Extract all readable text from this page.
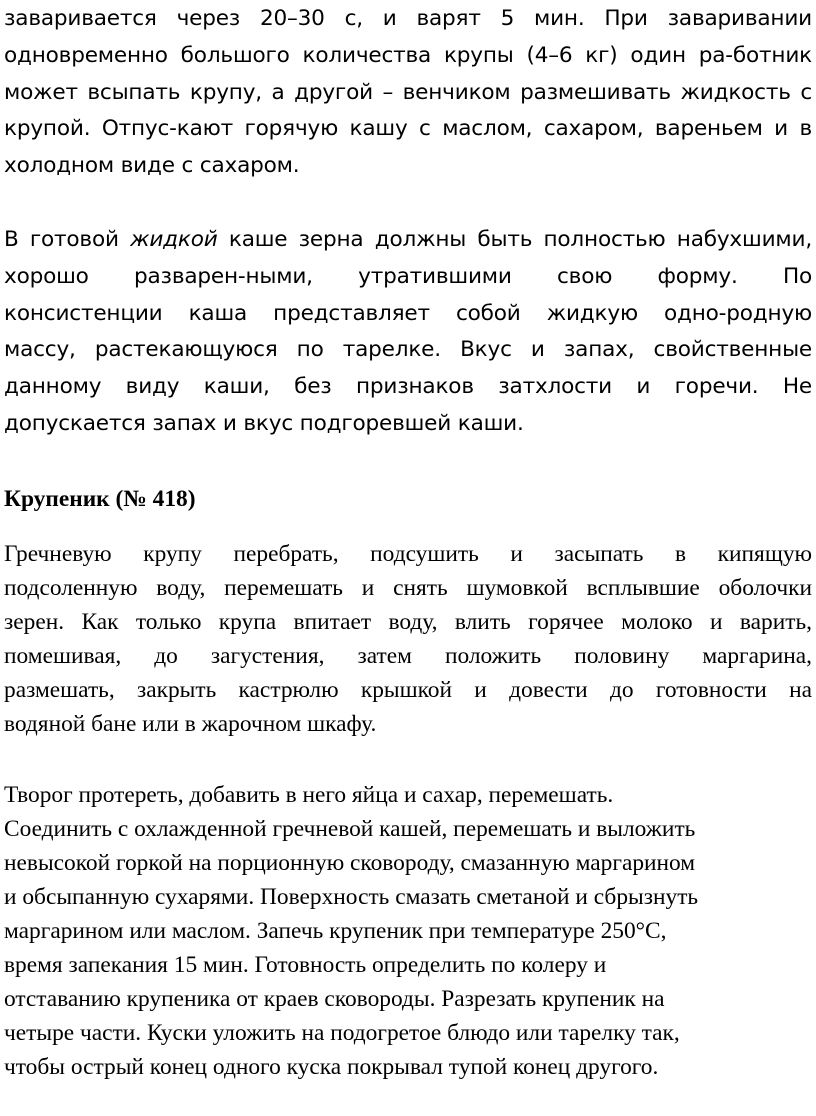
заваривается через 20–30 с, и варят 5 мин. При заваривании
одновременно большого количества крупы (4–6 кг) один ра-ботник
может всыпать крупу, а другой – венчиком размешивать жидкость с
крупой. Отпус-кают горячую кашу с маслом, сахаром, вареньем и в
холодном виде с сахаром.
В готовой жидкой каше зерна должны быть полностью набухшими,
хорошо разварен-ными, утратившими свою форму. По
консистенции каша представляет собой жидкую одно-родную
массу, растекающуюся по тарелке. Вкус и запах, свойственные
данному виду каши, без признаков затхлости и горечи. Не
допускается запах и вкус подгоревшей каши.
Крупеник (№ 418)
Гречневую крупу перебрать, подсушить и засыпать в кипящую
подсоленную воду, перемешать и снять шумовкой всплывшие оболочки
зерен. Как только крупа впитает воду, влить горячее молоко и варить,
помешивая, до загустения, затем положить половину маргарина,
размешать, закрыть кастрюлю крышкой и довести до готовности на
водяной бане или в жарочном шкафу.
Творог протереть, добавить в него яйца и сахар, перемешать.
Соединить с охлажденной гречневой кашей, перемешать и выложить
невысокой горкой на порционную сковороду, смазанную маргарином
и обсыпанную сухарями. Поверхность смазать сметаной и сбрызнуть
маргарином или маслом. Запечь крупеник при температуре 250°С,
время запекания 15 мин. Готовность определить по колеру и
отставанию крупеника от краев сковороды. Разрезать крупеник на
четыре части. Куски уложить на подогретое блюдо или тарелку так,
чтобы острый конец одного куска покрывал тупой конец другого.
